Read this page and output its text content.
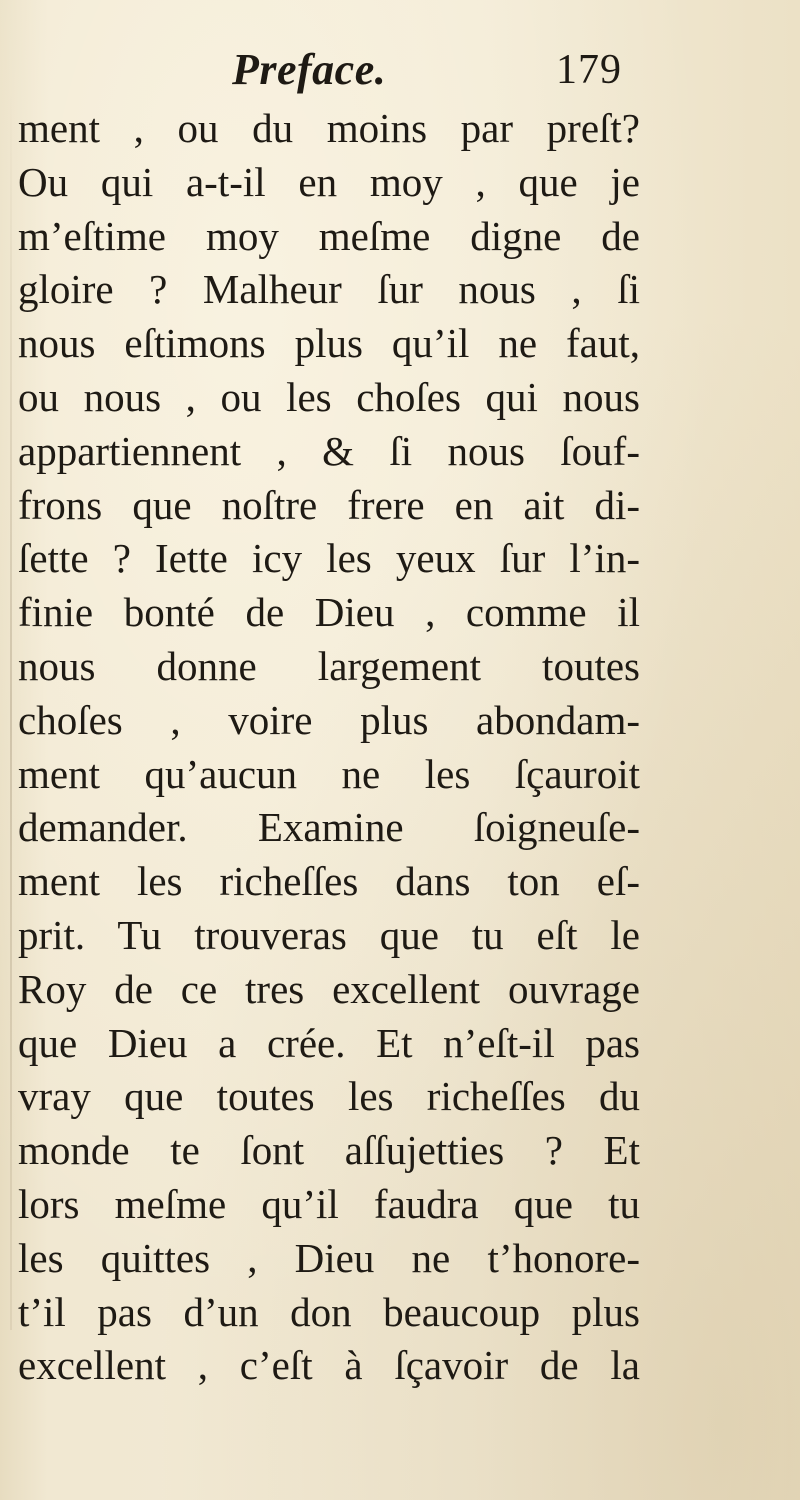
Preface.	179
ment , ou du moins par preſt?
Ou qui a-t-il en moy , que je
m’eſtime moy meſme digne de
gloire ? Malheur ſur nous , ſi
nous eſtimons plus qu’il ne faut,
ou nous , ou les choſes qui nous
appartiennent , & ſi nous ſouf-
frons que noſtre frere en ait di-
ſette ? Iette icy les yeux ſur l’in-
finie bonté de Dieu , comme il
nous donne largement toutes
choſes , voire plus abondam-
ment qu’aucun ne les ſçauroit
demander. Examine ſoigneuſe-
ment les richeſſes dans ton eſ-
prit. Tu trouveras que tu eſt le
Roy de ce tres excellent ouvrage
que Dieu a crée. Et n’eſt-il pas
vray que toutes les richeſſes du
monde te ſont aſſujetties ? Et
lors meſme qu’il faudra que tu
les quittes , Dieu ne t’honore-
t’il pas d’un don beaucoup plus
excellent , c’eſt à ſçavoir de la
